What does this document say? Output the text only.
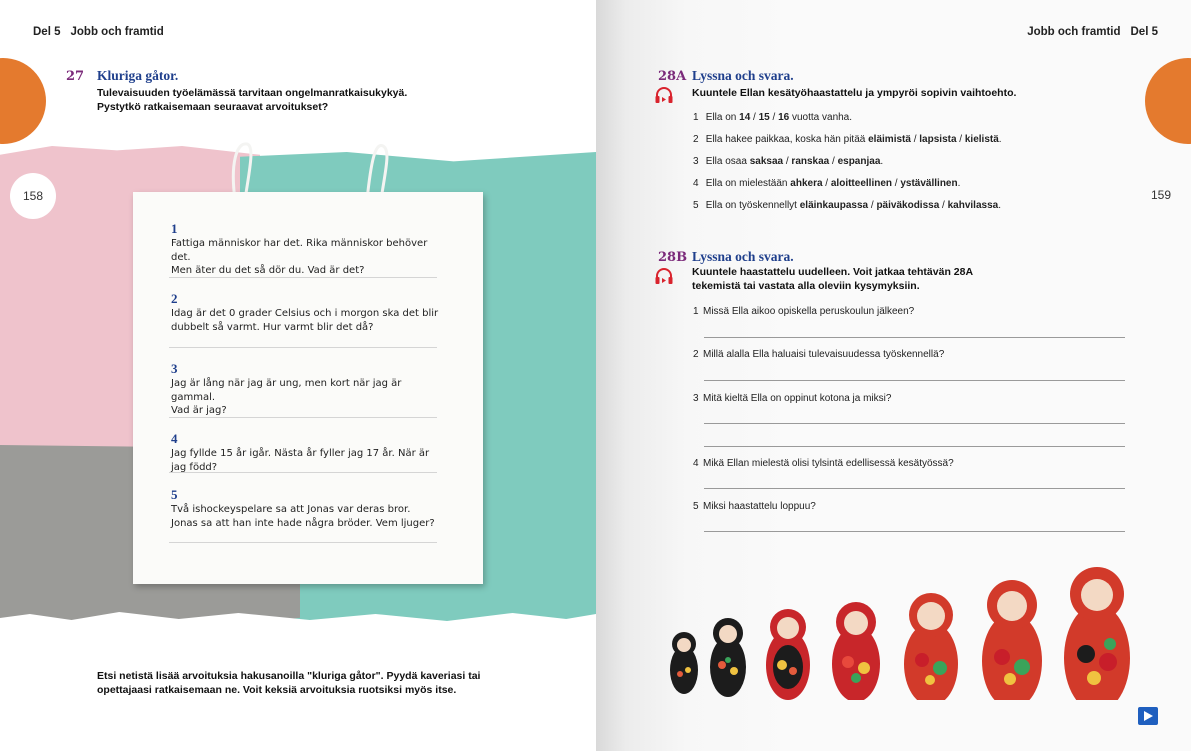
Del 5 Jobb och framtid
27 Kluriga gåtor.
Tulevaisuuden työelämässä tarvitaan ongelmanratkaisukykyä.
Pystytkö ratkaisemaan seuraavat arvoitukset?
1
Fattiga människor har det. Rika människor behöver det.
Men äter du det så dör du. Vad är det?
2
Idag är det 0 grader Celsius och i morgon ska det blir
dubbelt så varmt. Hur varmt blir det då?
3
Jag är lång när jag är ung, men kort när jag är gammal.
Vad är jag?
4
Jag fyllde 15 år igår. Nästa år fyller jag 17 år. När är jag född?
5
Två ishockeyspelare sa att Jonas var deras bror.
Jonas sa att han inte hade några bröder. Vem ljuger?
158
Etsi netistä lisää arvoituksia hakusanoilla "kluriga gåtor". Pyydä kaveriasi tai
opettajaasi ratkaisemaan ne. Voit keksiä arvoituksia ruotsiksi myös itse.
Jobb och framtid Del 5
159
28A Lyssna och svara.
Kuuntele Ellan kesätyöhaastattelu ja ympyröi sopivin vaihtoehto.
1 Ella on 14 / 15 / 16 vuotta vanha.
2 Ella hakee paikkaa, koska hän pitää eläimistä / lapsista / kielistä.
3 Ella osaa saksaa / ranskaa / espanjaa.
4 Ella on mielestään ahkera / aloitteellinen / ystävällinen.
5 Ella on työskennellyt eläinkaupassa / päiväkodissa / kahvilassa.
28B Lyssna och svara.
Kuuntele haastattelu uudelleen. Voit jatkaa tehtävän 28A
tekemistä tai vastata alla oleviin kysymyksiin.
1 Missä Ella aikoo opiskella peruskoulun jälkeen?
2 Millä alalla Ella haluaisi tulevaisuudessa työskennellä?
3 Mitä kieltä Ella on oppinut kotona ja miksi?
4 Mikä Ellan mielestä olisi tylsintä edellisessä kesätyössä?
5 Miksi haastattelu loppuu?
